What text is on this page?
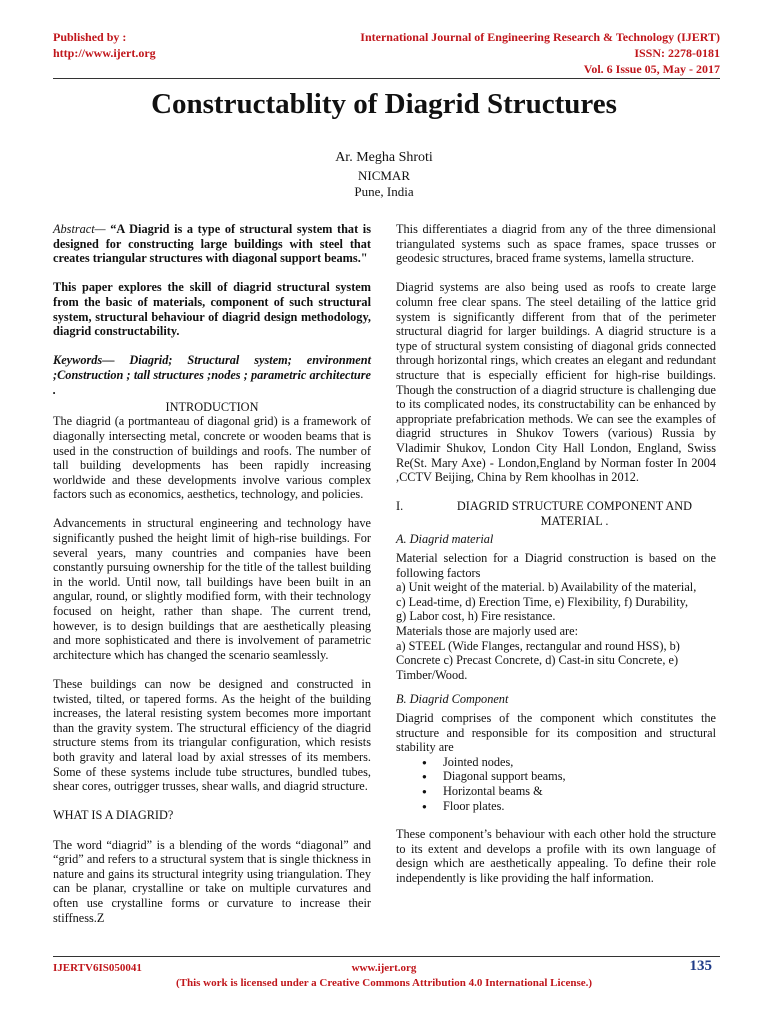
Published by :
http://www.ijert.org
International Journal of Engineering Research & Technology (IJERT)
ISSN: 2278-0181
Vol. 6 Issue 05, May - 2017
Constructablity of Diagrid Structures
Ar. Megha Shroti
NICMAR
Pune, India

Abstract— “A Diagrid is a type of structural system that is designed for constructing large buildings with steel that creates triangular structures with diagonal support beams."

This paper explores the skill of diagrid structural system from the basic of materials, component of such structural system, structural behaviour of diagrid design methodology, diagrid constructability.

Keywords— Diagrid; Structural system; environment ;Construction ; tall structures ;nodes ; parametric architecture .

INTRODUCTION

The diagrid (a portmanteau of diagonal grid) is a framework of diagonally intersecting metal, concrete or wooden beams that is used in the construction of buildings and roofs. The number of tall building developments has been rapidly increasing worldwide and these developments involve various complex factors such as economics, aesthetics, technology, and policies.

Advancements in structural engineering and technology have significantly pushed the height limit of high-rise buildings. For several years, many countries and companies have been constantly pursuing ownership for the title of the tallest building in the world. Until now, tall buildings have been built in an angular, round, or slightly modified form, with their technology focused on height, rather than shape. The current trend, however, is to design buildings that are aesthetically pleasing and more sophisticated and there is involvement of parametric architecture which has changed the scenario seamlessly.

These buildings can now be designed and constructed in twisted, tilted, or tapered forms. As the height of the building increases, the lateral resisting system becomes more important than the gravity system. The structural efficiency of the diagrid structure stems from its triangular configuration, which resists both gravity and lateral load by axial stresses of its members. Some of these systems include tube structures, bundled tubes, shear cores, outrigger trusses, shear walls, and diagrid structure.

WHAT IS A DIAGRID?

The word “diagrid” is a blending of the words “diagonal” and “grid” and refers to a structural system that is single thickness in nature and gains its structural integrity using triangulation. They can be planar, crystalline or take on multiple curvatures and often use crystalline forms or curvature to increase their stiffness.Z

This differentiates a diagrid from any of the three dimensional triangulated systems such as space frames, space trusses or geodesic structures, braced frame systems, lamella structure.

Diagrid systems are also being used as roofs to create large column free clear spans. The steel detailing of the lattice grid system is significantly different from that of the perimeter structural diagrid for larger buildings. A diagrid structure is a type of structural system consisting of diagonal grids connected through horizontal rings, which creates an elegant and redundant structure that is especially efficient for high-rise buildings. Though the construction of a diagrid structure is challenging due to its complicated nodes, its constructability can be enhanced by appropriate prefabrication methods. We can see the examples of diagrid structures in Shukov Towers (various) Russia by Vladimir Shukov, London City Hall London, England, Swiss Re(St. Mary Axe) - London,England by Norman foster In 2004 ,CCTV Beijing, China by Rem khoolhas in 2012.

I.	DIAGRID STRUCTURE COMPONENT AND MATERIAL .
A. Diagrid material
Material selection for a Diagrid construction is based on the following factors
a) Unit weight of the material. b) Availability of the material,
c) Lead-time, d) Erection Time, e) Flexibility, f) Durability,
g) Labor cost, h) Fire resistance.
Materials those are majorly used are:
a) STEEL (Wide Flanges, rectangular and round HSS), b)
Concrete c) Precast Concrete, d) Cast-in situ Concrete, e)
Timber/Wood.
B. Diagrid Component
Diagrid comprises of the component which constitutes the structure and responsible for its composition and structural stability are
● Jointed nodes,
● Diagonal support beams,
● Horizontal beams &
● Floor plates.

These component’s behaviour with each other hold the structure to its extent and develops a profile with its own language of design which are aesthetically appealing. To define their role independently is like providing the half information.

IJERTV6IS050041	www.ijert.org	135
(This work is licensed under a Creative Commons Attribution 4.0 International License.)
